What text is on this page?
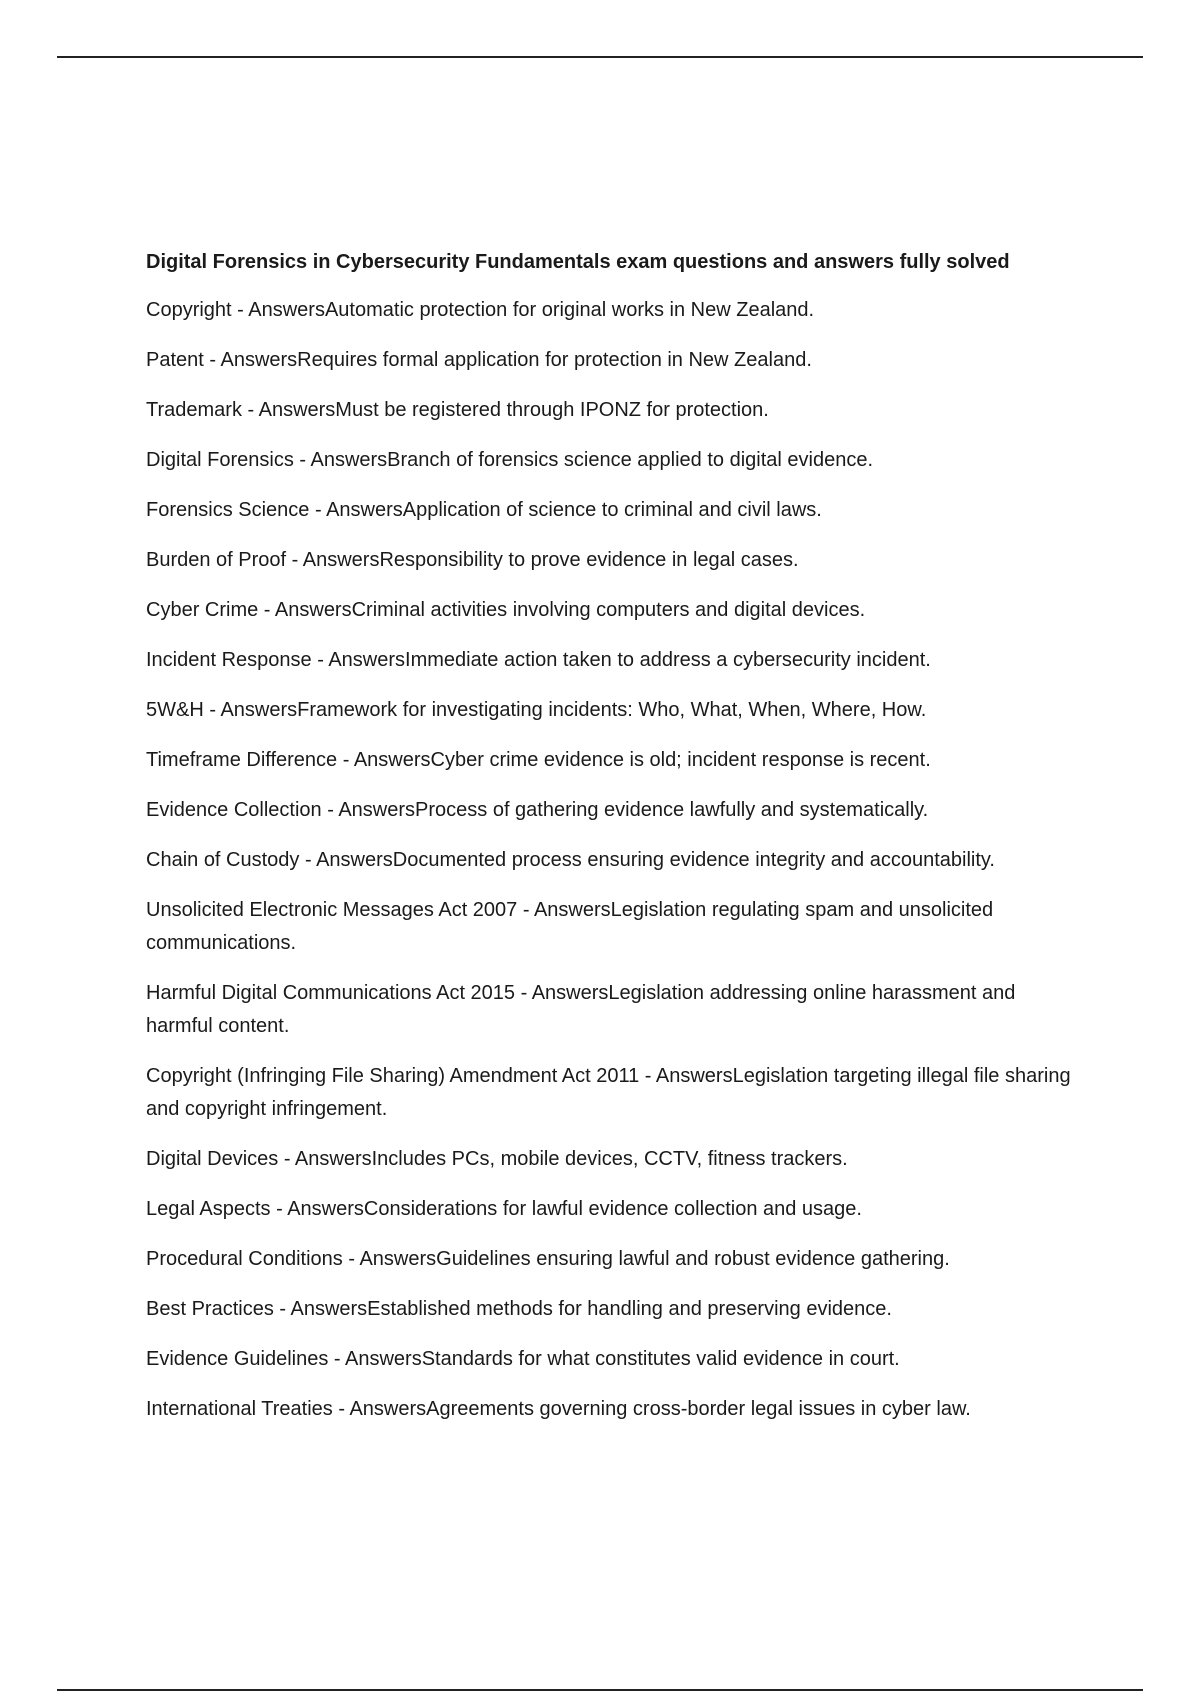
Digital Forensics in Cybersecurity Fundamentals exam questions and answers fully solved
Copyright - AnswersAutomatic protection for original works in New Zealand.
Patent - AnswersRequires formal application for protection in New Zealand.
Trademark - AnswersMust be registered through IPONZ for protection.
Digital Forensics - AnswersBranch of forensics science applied to digital evidence.
Forensics Science - AnswersApplication of science to criminal and civil laws.
Burden of Proof - AnswersResponsibility to prove evidence in legal cases.
Cyber Crime - AnswersCriminal activities involving computers and digital devices.
Incident Response - AnswersImmediate action taken to address a cybersecurity incident.
5W&H - AnswersFramework for investigating incidents: Who, What, When, Where, How.
Timeframe Difference - AnswersCyber crime evidence is old; incident response is recent.
Evidence Collection - AnswersProcess of gathering evidence lawfully and systematically.
Chain of Custody - AnswersDocumented process ensuring evidence integrity and accountability.
Unsolicited Electronic Messages Act 2007 - AnswersLegislation regulating spam and unsolicited communications.
Harmful Digital Communications Act 2015 - AnswersLegislation addressing online harassment and harmful content.
Copyright (Infringing File Sharing) Amendment Act 2011 - AnswersLegislation targeting illegal file sharing and copyright infringement.
Digital Devices - AnswersIncludes PCs, mobile devices, CCTV, fitness trackers.
Legal Aspects - AnswersConsiderations for lawful evidence collection and usage.
Procedural Conditions - AnswersGuidelines ensuring lawful and robust evidence gathering.
Best Practices - AnswersEstablished methods for handling and preserving evidence.
Evidence Guidelines - AnswersStandards for what constitutes valid evidence in court.
International Treaties - AnswersAgreements governing cross-border legal issues in cyber law.
